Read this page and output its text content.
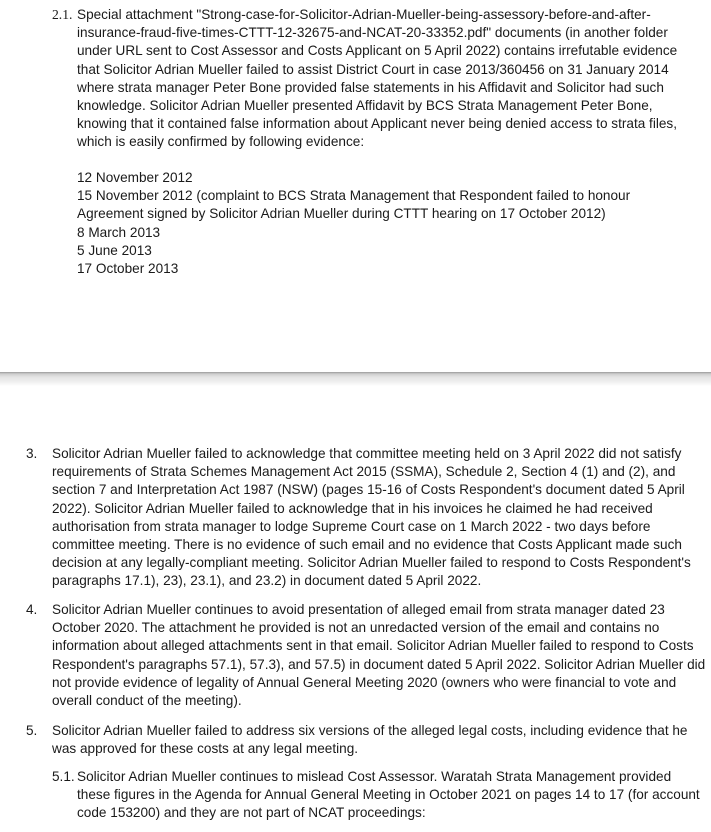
2.1. Special attachment "Strong-case-for-Solicitor-Adrian-Mueller-being-assessory-before-and-after-insurance-fraud-five-times-CTTT-12-32675-and-NCAT-20-33352.pdf" documents (in another folder under URL sent to Cost Assessor and Costs Applicant on 5 April 2022) contains irrefutable evidence that Solicitor Adrian Mueller failed to assist District Court in case 2013/360456 on 31 January 2014 where strata manager Peter Bone provided false statements in his Affidavit and Solicitor had such knowledge. Solicitor Adrian Mueller presented Affidavit by BCS Strata Management Peter Bone, knowing that it contained false information about Applicant never being denied access to strata files, which is easily confirmed by following evidence:

12 November 2012

15 November 2012 (complaint to BCS Strata Management that Respondent failed to honour Agreement signed by Solicitor Adrian Mueller during CTTT hearing on 17 October 2012)

8 March 2013

5 June 2013

17 October 2013

3. Solicitor Adrian Mueller failed to acknowledge that committee meeting held on 3 April 2022 did not satisfy requirements of Strata Schemes Management Act 2015 (SSMA), Schedule 2, Section 4 (1) and (2), and section 7 and Interpretation Act 1987 (NSW) (pages 15-16 of Costs Respondent's document dated 5 April 2022). Solicitor Adrian Mueller failed to acknowledge that in his invoices he claimed he had received authorisation from strata manager to lodge Supreme Court case on 1 March 2022 - two days before committee meeting. There is no evidence of such email and no evidence that Costs Applicant made such decision at any legally-compliant meeting. Solicitor Adrian Mueller failed to respond to Costs Respondent's paragraphs 17.1), 23), 23.1), and 23.2) in document dated 5 April 2022.

4. Solicitor Adrian Mueller continues to avoid presentation of alleged email from strata manager dated 23 October 2020. The attachment he provided is not an unredacted version of the email and contains no information about alleged attachments sent in that email. Solicitor Adrian Mueller failed to respond to Costs Respondent's paragraphs 57.1), 57.3), and 57.5) in document dated 5 April 2022. Solicitor Adrian Mueller did not provide evidence of legality of Annual General Meeting 2020 (owners who were financial to vote and overall conduct of the meeting).

5. Solicitor Adrian Mueller failed to address six versions of the alleged legal costs, including evidence that he was approved for these costs at any legal meeting.

5.1. Solicitor Adrian Mueller continues to mislead Cost Assessor. Waratah Strata Management provided these figures in the Agenda for Annual General Meeting in October 2021 on pages 14 to 17 (for account code 153200) and they are not part of NCAT proceedings:
